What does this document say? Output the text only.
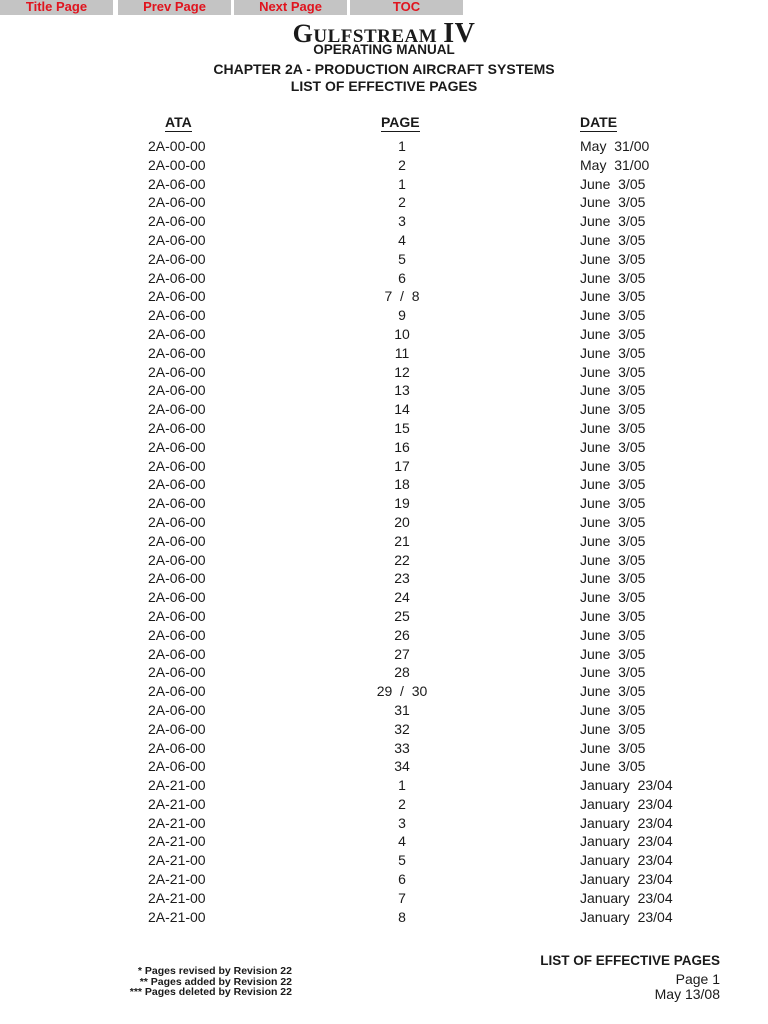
Title Page	Prev Page	Next Page	TOC
GULFSTREAM IV
OPERATING MANUAL
CHAPTER 2A - PRODUCTION AIRCRAFT SYSTEMS
LIST OF EFFECTIVE PAGES
ATA	PAGE	DATE
2A-00-00	1	May  31/00
2A-00-00	2	May  31/00
2A-06-00	1	June  3/05
2A-06-00	2	June  3/05
2A-06-00	3	June  3/05
2A-06-00	4	June  3/05
2A-06-00	5	June  3/05
2A-06-00	6	June  3/05
2A-06-00	7  /  8	June  3/05
2A-06-00	9	June  3/05
2A-06-00	10	June  3/05
2A-06-00	11	June  3/05
2A-06-00	12	June  3/05
2A-06-00	13	June  3/05
2A-06-00	14	June  3/05
2A-06-00	15	June  3/05
2A-06-00	16	June  3/05
2A-06-00	17	June  3/05
2A-06-00	18	June  3/05
2A-06-00	19	June  3/05
2A-06-00	20	June  3/05
2A-06-00	21	June  3/05
2A-06-00	22	June  3/05
2A-06-00	23	June  3/05
2A-06-00	24	June  3/05
2A-06-00	25	June  3/05
2A-06-00	26	June  3/05
2A-06-00	27	June  3/05
2A-06-00	28	June  3/05
2A-06-00	29  /  30	June  3/05
2A-06-00	31	June  3/05
2A-06-00	32	June  3/05
2A-06-00	33	June  3/05
2A-06-00	34	June  3/05
2A-21-00	1	January  23/04
2A-21-00	2	January  23/04
2A-21-00	3	January  23/04
2A-21-00	4	January  23/04
2A-21-00	5	January  23/04
2A-21-00	6	January  23/04
2A-21-00	7	January  23/04
2A-21-00	8	January  23/04
* Pages revised by Revision 22
** Pages added by Revision 22
*** Pages deleted by Revision 22
LIST OF EFFECTIVE PAGES
Page 1
May 13/08
